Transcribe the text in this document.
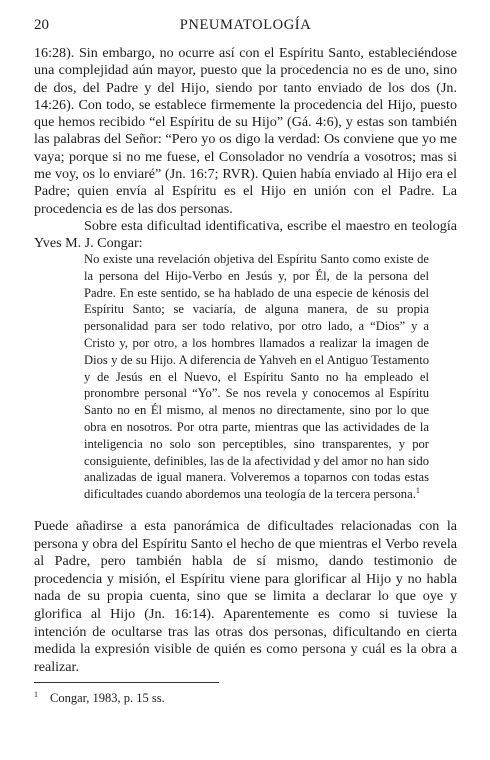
20	PNEUMATOLOGÍA

16:28). Sin embargo, no ocurre así con el Espíritu Santo, estableciéndose una complejidad aún mayor, puesto que la procedencia no es de uno, sino de dos, del Padre y del Hijo, siendo por tanto enviado de los dos (Jn. 14:26). Con todo, se establece firmemente la procedencia del Hijo, puesto que hemos recibido “el Espíritu de su Hijo” (Gá. 4:6), y estas son también las palabras del Señor: “Pero yo os digo la verdad: Os conviene que yo me vaya; porque si no me fuese, el Consolador no vendría a vosotros; mas si me voy, os lo enviaré” (Jn. 16:7; RVR). Quien había enviado al Hijo era el Padre; quien envía al Espíritu es el Hijo en unión con el Padre. La procedencia es de las dos personas.

Sobre esta dificultad identificativa, escribe el maestro en teología Yves M. J. Congar:

No existe una revelación objetiva del Espíritu Santo como existe de la persona del Hijo-Verbo en Jesús y, por Él, de la persona del Padre. En este sentido, se ha hablado de una especie de kénosis del Espíritu Santo; se vaciaría, de alguna manera, de su propia personalidad para ser todo relativo, por otro lado, a “Dios” y a Cristo y, por otro, a los hombres llamados a realizar la imagen de Dios y de su Hijo. A diferencia de Yahveh en el Antiguo Testamento y de Jesús en el Nuevo, el Espíritu Santo no ha empleado el pronombre personal “Yo”. Se nos revela y conocemos al Espíritu Santo no en Él mismo, al menos no directamente, sino por lo que obra en nosotros. Por otra parte, mientras que las actividades de la inteligencia no solo son perceptibles, sino transparentes, y por consiguiente, definibles, las de la afectividad y del amor no han sido analizadas de igual manera. Volveremos a toparnos con todas estas dificultades cuando abordemos una teología de la tercera persona.$^1$

Puede añadirse a esta panorámica de dificultades relacionadas con la persona y obra del Espíritu Santo el hecho de que mientras el Verbo revela al Padre, pero también habla de sí mismo, dando testimonio de procedencia y misión, el Espíritu viene para glorificar al Hijo y no habla nada de su propia cuenta, sino que se limita a declarar lo que oye y glorifica al Hijo (Jn. 16:14). Aparentemente es como si tuviese la intención de ocultarse tras las otras dos personas, dificultando en cierta medida la expresión visible de quién es como persona y cuál es la obra a realizar.

$^1$ Congar, 1983, p. 15 ss.
